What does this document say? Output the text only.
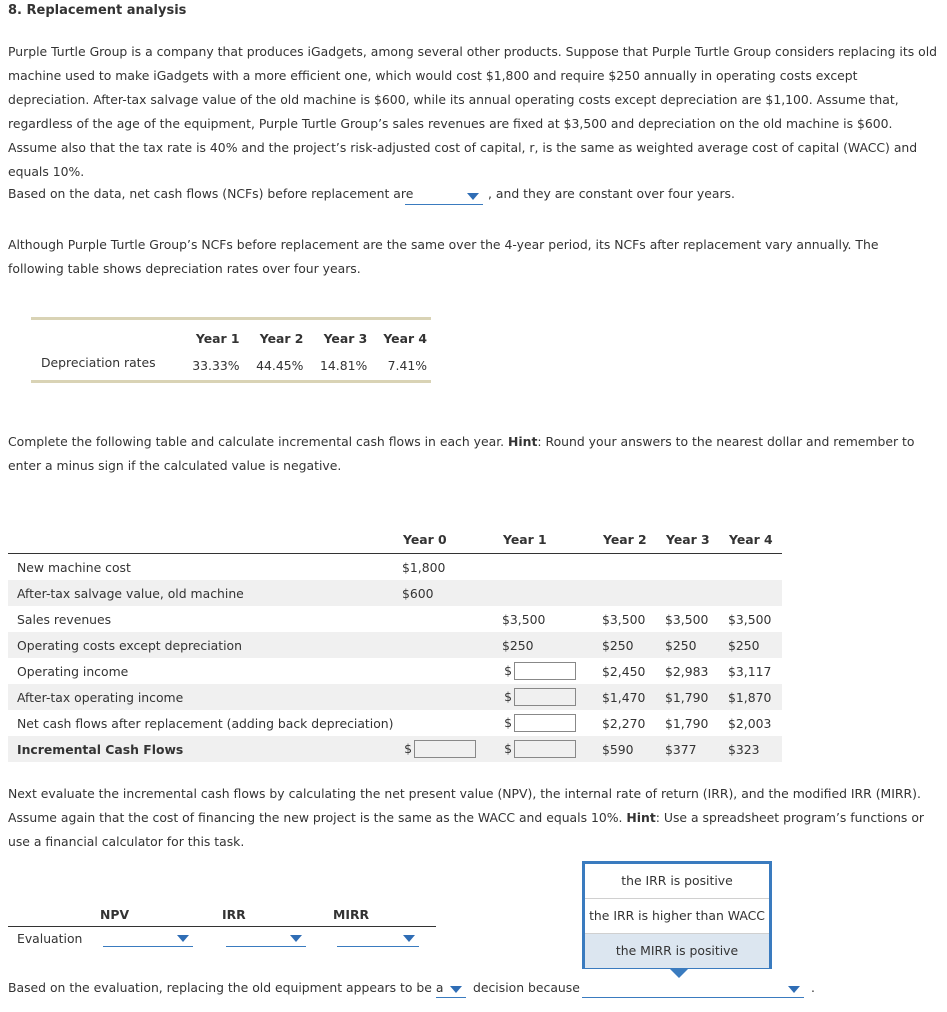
8. Replacement analysis
Purple Turtle Group is a company that produces iGadgets, among several other products. Suppose that Purple Turtle Group considers replacing its old machine used to make iGadgets with a more efficient one, which would cost $1,800 and require $250 annually in operating costs except depreciation. After-tax salvage value of the old machine is $600, while its annual operating costs except depreciation are $1,100. Assume that, regardless of the age of the equipment, Purple Turtle Group’s sales revenues are fixed at $3,500 and depreciation on the old machine is $600. Assume also that the tax rate is 40% and the project’s risk-adjusted cost of capital, r, is the same as weighted average cost of capital (WACC) and equals 10%.
Based on the data, net cash flows (NCFs) before replacement are	, and they are constant over four years.
Although Purple Turtle Group’s NCFs before replacement are the same over the 4-year period, its NCFs after replacement vary annually. The following table shows depreciation rates over four years.
	Year 1	Year 2	Year 3	Year 4
Depreciation rates	33.33%	44.45%	14.81%	7.41%
Complete the following table and calculate incremental cash flows in each year. Hint: Round your answers to the nearest dollar and remember to enter a minus sign if the calculated value is negative.
	Year 0	Year 1	Year 2	Year 3	Year 4
New machine cost	$1,800				
After-tax salvage value, old machine	$600				
Sales revenues		$3,500	$3,500	$3,500	$3,500
Operating costs except depreciation		$250	$250	$250	$250
Operating income		$	$2,450	$2,983	$3,117
After-tax operating income		$	$1,470	$1,790	$1,870
Net cash flows after replacement (adding back depreciation)		$	$2,270	$1,790	$2,003
Incremental Cash Flows	$	$	$590	$377	$323
Next evaluate the incremental cash flows by calculating the net present value (NPV), the internal rate of return (IRR), and the modified IRR (MIRR). Assume again that the cost of financing the new project is the same as the WACC and equals 10%. Hint: Use a spreadsheet program’s functions or use a financial calculator for this task.
NPV	IRR	MIRR
Evaluation
the IRR is positive
the IRR is higher than WACC
the MIRR is positive
Based on the evaluation, replacing the old equipment appears to be a decision because	.
